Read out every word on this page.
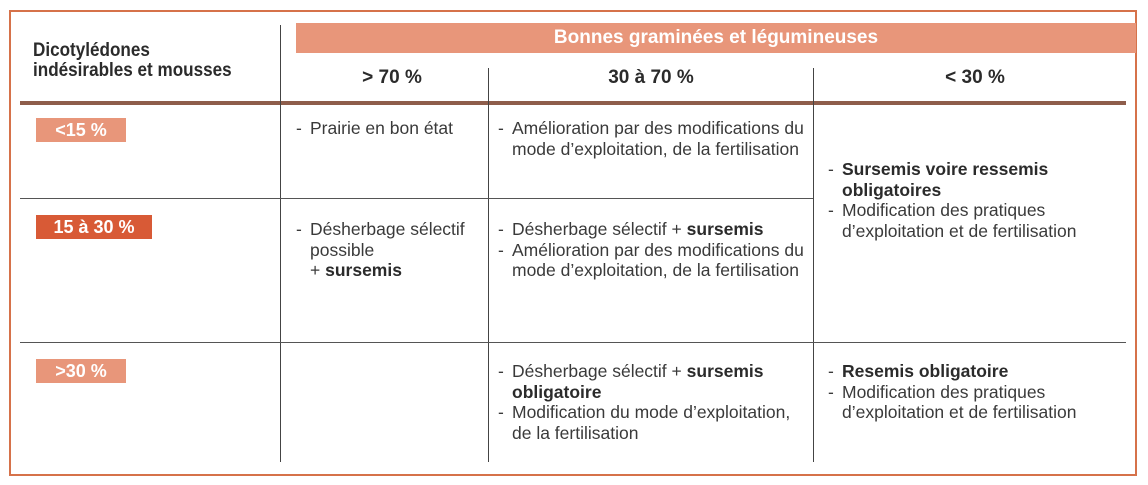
Dicotylédones
indésirables et mousses
Bonnes graminées et légumineuses
> 70 %	30 à 70 %	< 30 %
<15 %
15 à 30 %
>30 %
- Prairie en bon état
-	Amélioration par des modifications du mode d’exploitation, de la fertilisation
- Sursemis voire ressemis obligatoires
- Modification des pratiques d’exploitation et de fertilisation
- Désherbage sélectif possible
+ sursemis
- Désherbage sélectif + sursemis
- Amélioration par des modifications du mode d’exploitation, de la fertilisation
- Désherbage sélectif + sursemis obligatoire
- Modification du mode d’exploitation, de la fertilisation
- Resemis obligatoire
- Modification des pratiques d’exploitation et de fertilisation
